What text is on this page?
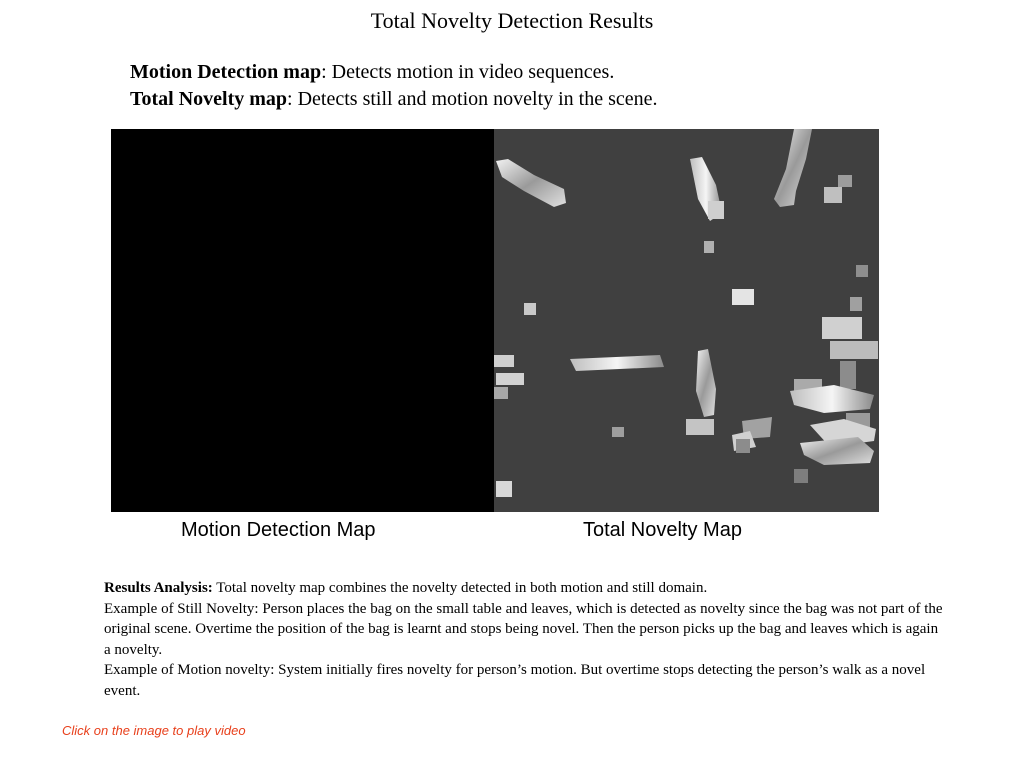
Total Novelty Detection Results
Motion Detection map: Detects motion in video sequences.
Total Novelty map: Detects still and motion novelty in the scene.
Motion Detection Map	Total Novelty Map

Results Analysis: Total novelty map combines the novelty detected in both motion and still domain.

Example of Still Novelty: Person places the bag on the small table and leaves, which is detected as novelty since the bag was not part of the original scene. Overtime the position of the bag is learnt and stops being novel. Then the person picks up the bag and leaves which is again a novelty.

Example of Motion novelty: System initially fires novelty for person’s motion. But overtime stops detecting the person’s walk as a novel event.

Click on the image to play video
